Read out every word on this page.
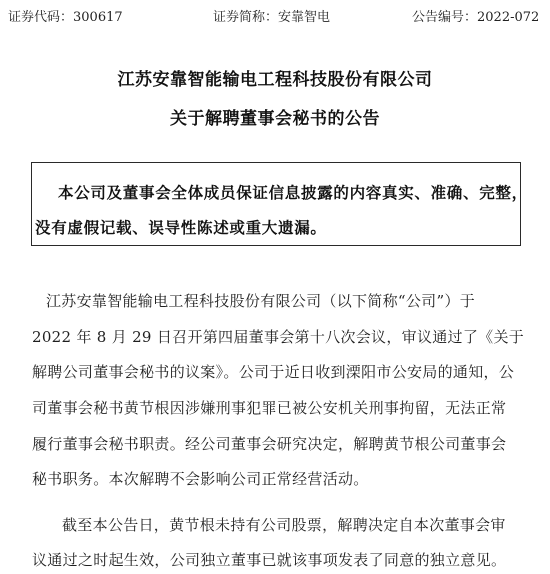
证券代码：300617	证券简称：安靠智电	公告编号：2022-072
江苏安靠智能输电工程科技股份有限公司
关于解聘董事会秘书的公告
本公司及董事会全体成员保证信息披露的内容真实、准确、完整，
没有虚假记载、误导性陈述或重大遗漏。
江苏安靠智能输电工程科技股份有限公司（以下简称“公司”）于
2022 年 8 月 29 日召开第四届董事会第十八次会议，审议通过了《关于
解聘公司董事会秘书的议案》。公司于近日收到溧阳市公安局的通知，公
司董事会秘书黄节根因涉嫌刑事犯罪已被公安机关刑事拘留，无法正常
履行董事会秘书职责。经公司董事会研究决定，解聘黄节根公司董事会
秘书职务。本次解聘不会影响公司正常经营活动。
截至本公告日，黄节根未持有公司股票，解聘决定自本次董事会审
议通过之时起生效，公司独立董事已就该事项发表了同意的独立意见。
